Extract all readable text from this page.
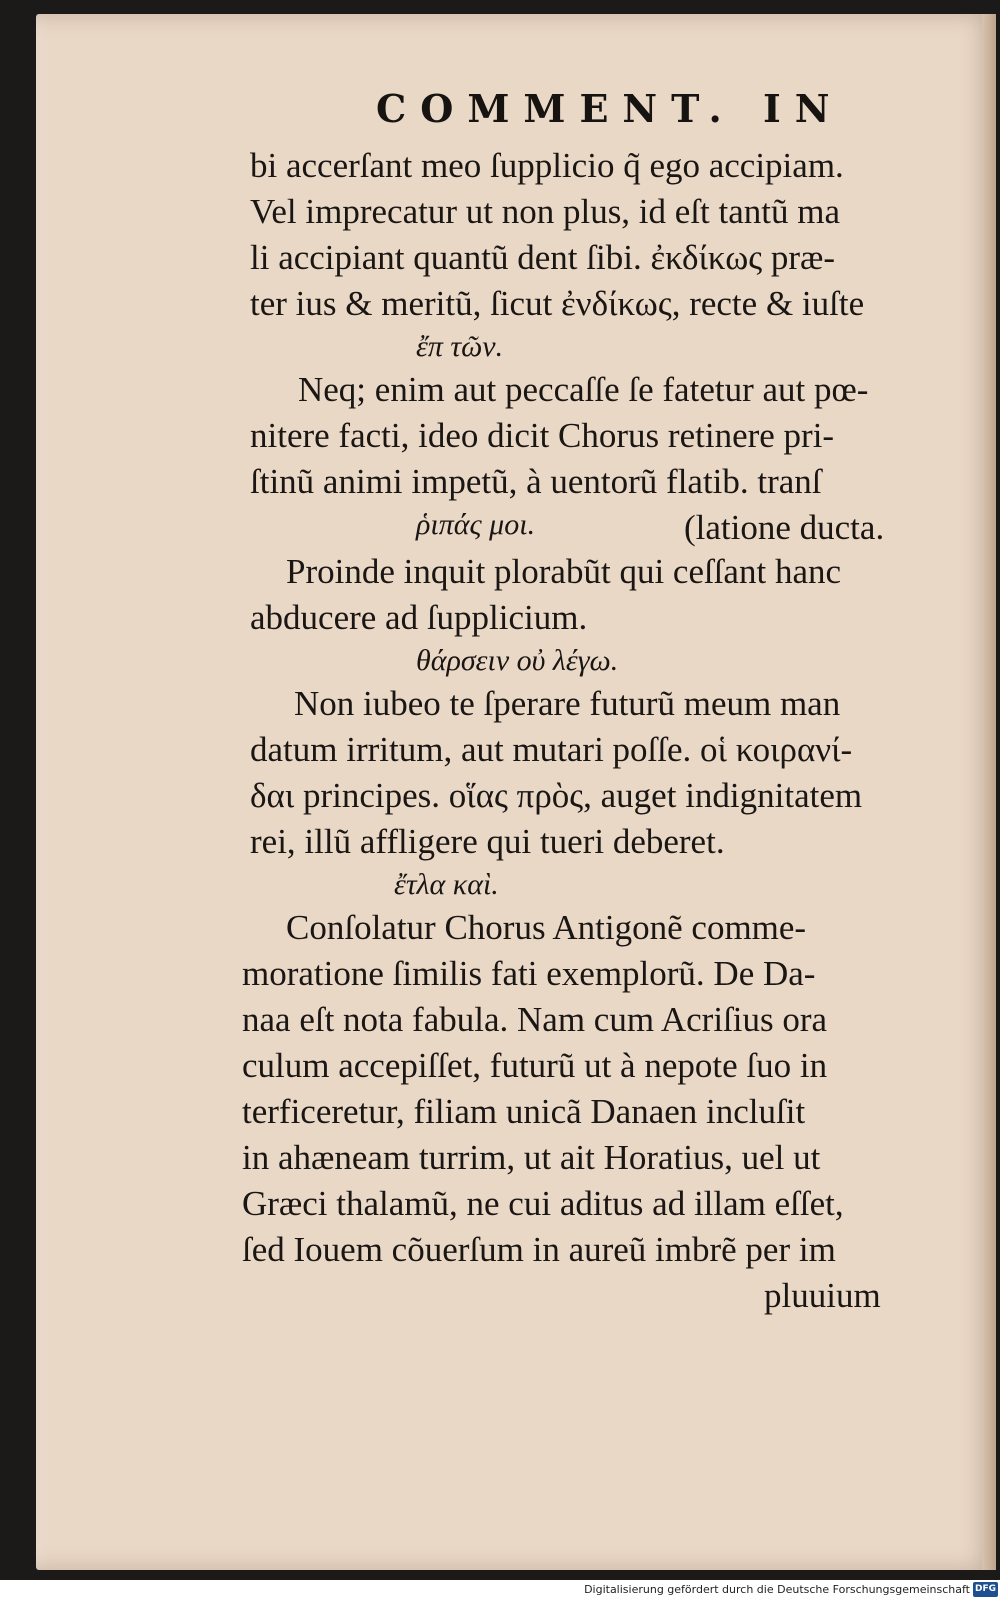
COMMENT. IN
bi accerſant meo ſupplicio q̃ ego accipiam.
Vel imprecatur ut non plus, id eſt tantũ ma
li accipiant quantũ dent ſibi. ἐκδίκως præ-
ter ius & meritũ, ſicut ἐνδίκως, recte & iuſte
ἔπ τῶν.
Neq; enim aut peccaſſe ſe fatetur aut pœ-
nitere facti, ideo dicit Chorus retinere pri-
ſtinũ animi impetũ, à uentorũ flatib. tranſ
ῥιπάς μοι.	(latione ducta.
Proinde inquit plorabũt qui ceſſant hanc
abducere ad ſupplicium.
θάρσειν οὐ λέγω.
Non iubeo te ſperare futurũ meum man
datum irritum, aut mutari poſſe. οἱ κοιρανί-
δαι principes. οἵας πρὸς, auget indignitatem
rei, illũ affligere qui tueri deberet.
ἔτλα καὶ.
Conſolatur Chorus Antigonẽ comme-
moratione ſimilis fati exemplorũ. De Da-
naa eſt nota fabula. Nam cum Acriſius ora
culum accepiſſet, futurũ ut à nepote ſuo in
terficeretur, filiam unicã Danaen incluſit
in ahæneam turrim, ut ait Horatius, uel ut
Græci thalamũ, ne cui aditus ad illam eſſet,
ſed Iouem cõuerſum in aureũ imbrẽ per im
pluuium
Digitalisierung gefördert durch die Deutsche Forschungsgemeinschaft DFG
